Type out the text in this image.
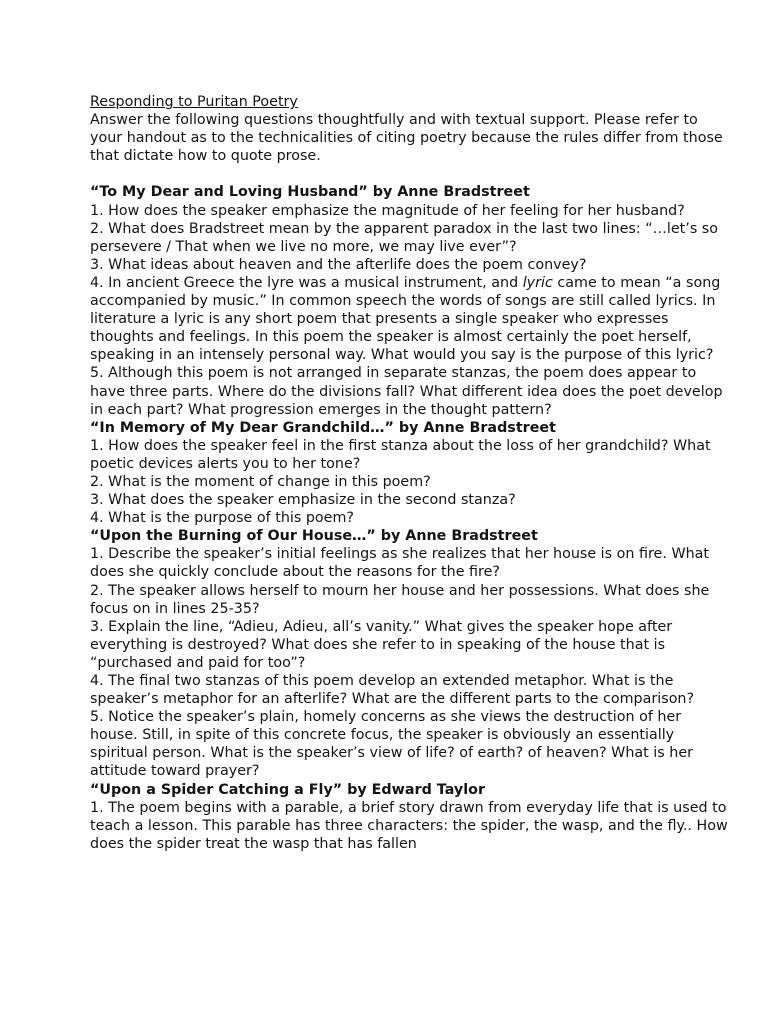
Responding to Puritan Poetry
Answer the following questions thoughtfully and with textual support. Please refer to your handout as to the technicalities of citing poetry because the rules differ from those that dictate how to quote prose.
“To My Dear and Loving Husband” by Anne Bradstreet

1. How does the speaker emphasize the magnitude of her feeling for her husband?

2. What does Bradstreet mean by the apparent paradox in the last two lines: “…let’s so persevere / That when we live no more, we may live ever”?

3. What ideas about heaven and the afterlife does the poem convey?

4. In ancient Greece the lyre was a musical instrument, and lyric came to mean “a song accompanied by music.” In common speech the words of songs are still called lyrics. In literature a lyric is any short poem that presents a single speaker who expresses thoughts and feelings. In this poem the speaker is almost certainly the poet herself, speaking in an intensely personal way. What would you say is the purpose of this lyric?

5. Although this poem is not arranged in separate stanzas, the poem does appear to have three parts. Where do the divisions fall? What different idea does the poet develop in each part? What progression emerges in the thought pattern?

“In Memory of My Dear Grandchild…” by Anne Bradstreet

1. How does the speaker feel in the first stanza about the loss of her grandchild? What poetic devices alerts you to her tone?

2. What is the moment of change in this poem?

3. What does the speaker emphasize in the second stanza?

4. What is the purpose of this poem?

“Upon the Burning of Our House…” by Anne Bradstreet

1. Describe the speaker’s initial feelings as she realizes that her house is on fire. What does she quickly conclude about the reasons for the fire?

2. The speaker allows herself to mourn her house and her possessions. What does she focus on in lines 25-35?

3. Explain the line, “Adieu, Adieu, all’s vanity.” What gives the speaker hope after everything is destroyed? What does she refer to in speaking of the house that is “purchased and paid for too”?

4. The final two stanzas of this poem develop an extended metaphor. What is the speaker’s metaphor for an afterlife? What are the different parts to the comparison?

5. Notice the speaker’s plain, homely concerns as she views the destruction of her house. Still, in spite of this concrete focus, the speaker is obviously an essentially spiritual person. What is the speaker’s view of life? of earth? of heaven? What is her attitude toward prayer?

“Upon a Spider Catching a Fly” by Edward Taylor

1. The poem begins with a parable, a brief story drawn from everyday life that is used to teach a lesson. This parable has three characters: the spider, the wasp, and the fly.. How does the spider treat the wasp that has fallen
